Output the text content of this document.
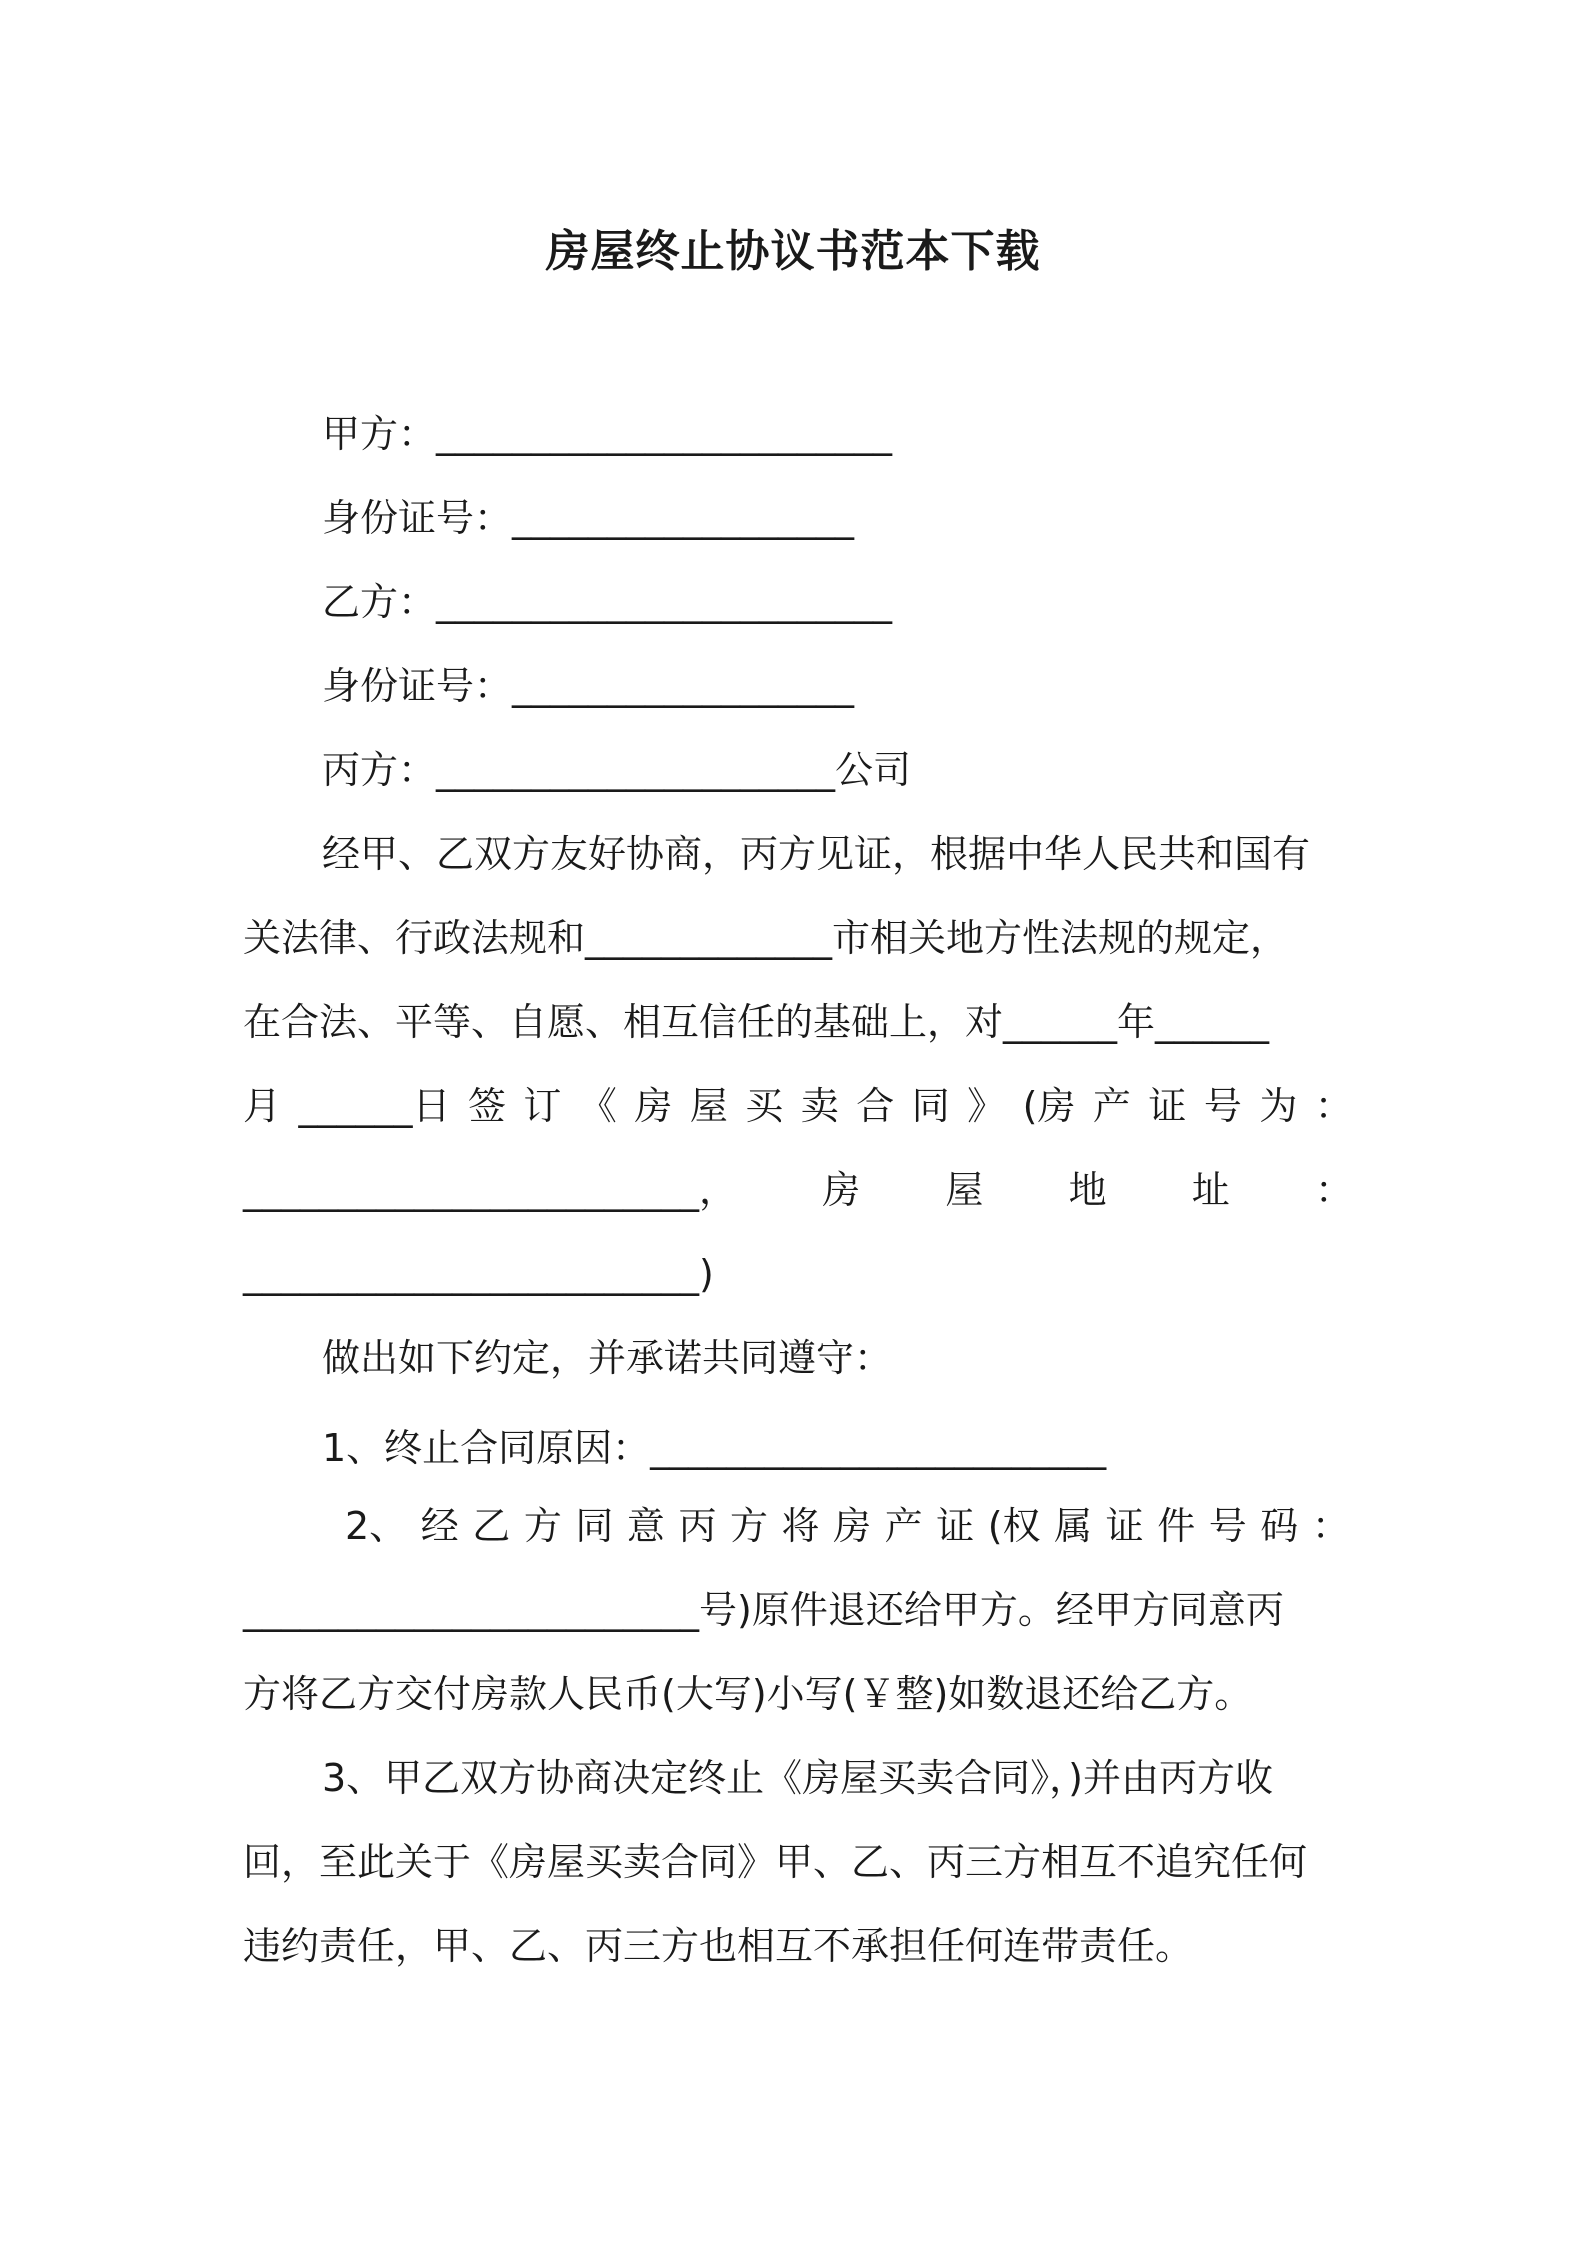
房屋终止协议书范本下载
甲方：________________________
身份证号：__________________
乙方：________________________
身份证号：__________________
丙方：_____________________公司
经甲、乙双方友好协商，丙方见证，根据中华人民共和国有
关法律、行政法规和_____________市相关地方性法规的规定，
在合法、平等、自愿、相互信任的基础上，对______年______
月 ______日 签 订 《 房 屋 买 卖 合 同 》 (房 产 证 号 为 ：
________________________， 房 屋 地 址 ：
________________________)
做出如下约定，并承诺共同遵守：
1、终止合同原因：________________________
2、 经 乙 方 同 意 丙 方 将 房 产 证 (权 属 证 件 号 码 ：
________________________号)原件退还给甲方。经甲方同意丙
方将乙方交付房款人民币(大写)小写(￥整)如数退还给乙方。
3、甲乙双方协商决定终止《房屋买卖合同》，)并由丙方收
回，至此关于《房屋买卖合同》甲、乙、丙三方相互不追究任何
违约责任，甲、乙、丙三方也相互不承担任何连带责任。
